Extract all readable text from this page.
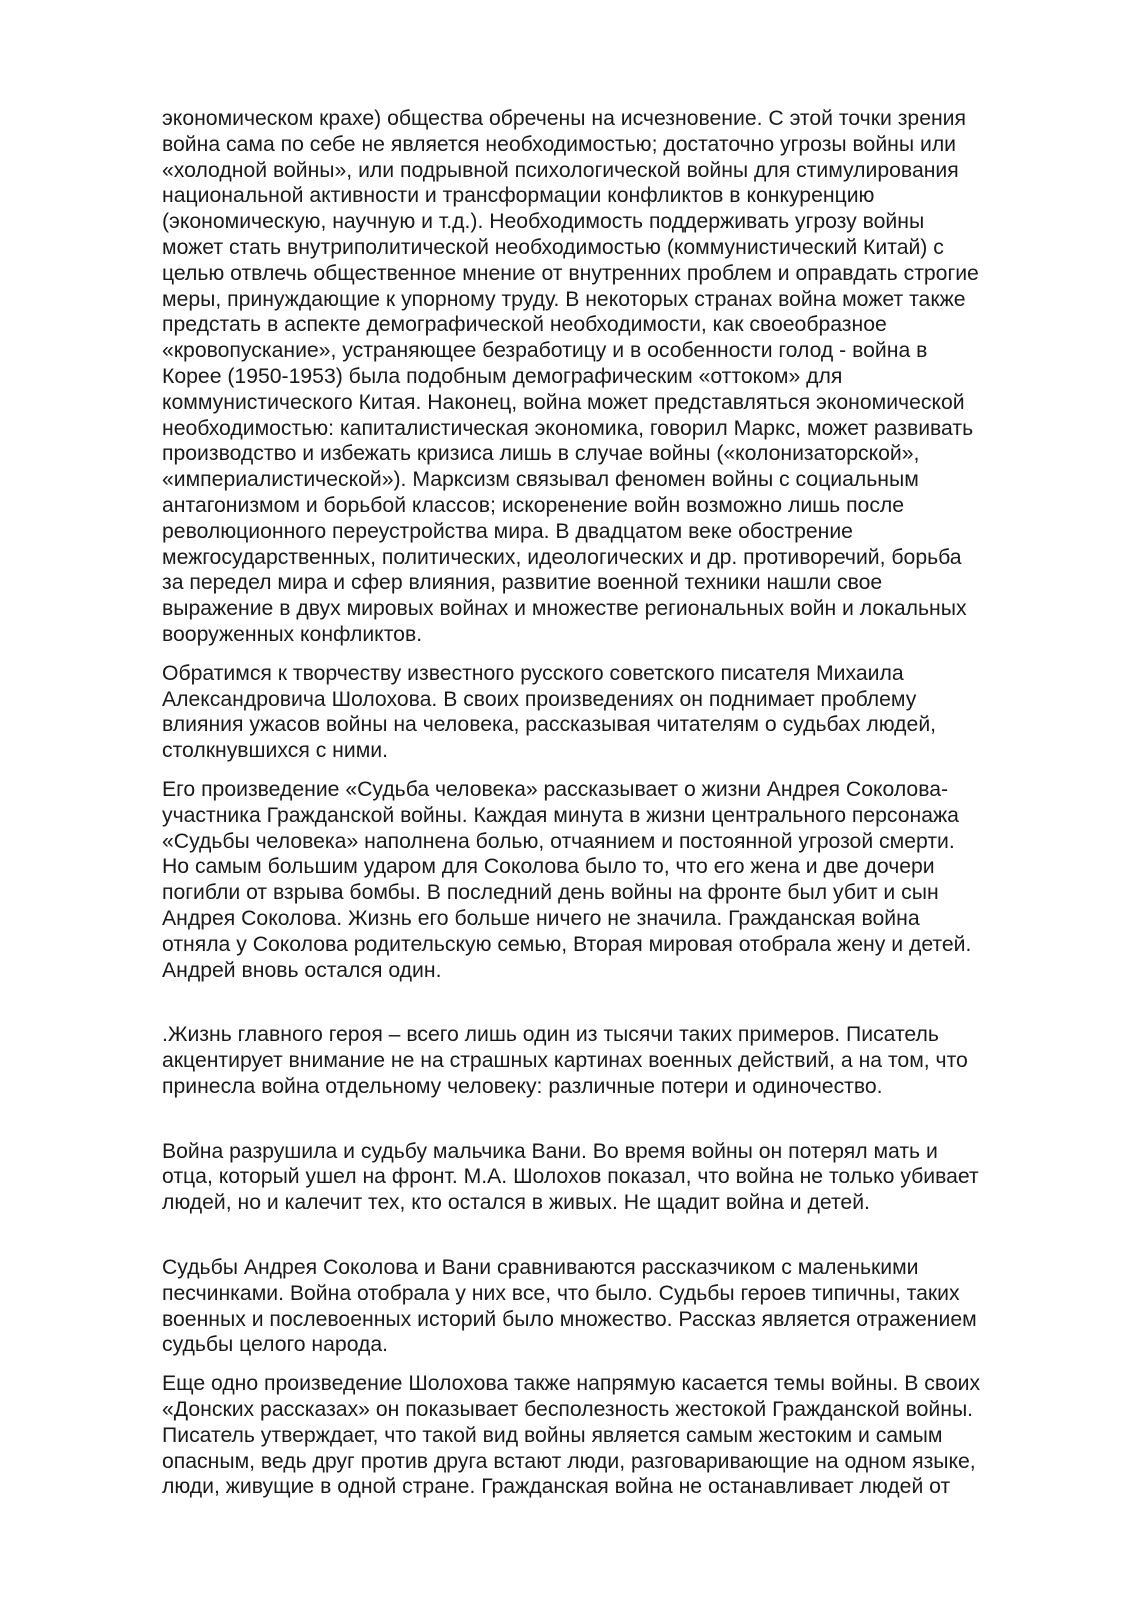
экономическом крахе) общества обречены на исчезновение. С этой точки зрения
война сама по себе не является необходимостью; достаточно угрозы войны или
«холодной войны», или подрывной психологической войны для стимулирования
национальной активности и трансформации конфликтов в конкуренцию
(экономическую, научную и т.д.). Необходимость поддерживать угрозу войны
может стать внутриполитической необходимостью (коммунистический Китай) с
целью отвлечь общественное мнение от внутренних проблем и оправдать строгие
меры, принуждающие к упорному труду. В некоторых странах война может также
предстать в аспекте демографической необходимости, как своеобразное
«кровопускание», устраняющее безработицу и в особенности голод - война в
Корее (1950-1953) была подобным демографическим «оттоком» для
коммунистического Китая. Наконец, война может представляться экономической
необходимостью: капиталистическая экономика, говорил Маркс, может развивать
производство и избежать кризиса лишь в случае войны («колонизаторской»,
«империалистической»). Марксизм связывал феномен войны с социальным
антагонизмом и борьбой классов; искоренение войн возможно лишь после
революционного переустройства мира. В двадцатом веке обострение
межгосударственных, политических, идеологических и др. противоречий, борьба
за передел мира и сфер влияния, развитие военной техники нашли свое
выражение в двух мировых войнах и множестве региональных войн и локальных
вооруженных конфликтов.

Обратимся к творчеству известного русского советского писателя Михаила
Александровича Шолохова. В своих произведениях он поднимает проблему
влияния ужасов войны на человека, рассказывая читателям о судьбах людей,
столкнувшихся с ними.

Его произведение «Судьба человека» рассказывает о жизни Андрея Соколова-
участника Гражданской войны. Каждая минута в жизни центрального персонажа
«Судьбы человека» наполнена болью, отчаянием и постоянной угрозой смерти.
Но самым большим ударом для Соколова было то, что его жена и две дочери
погибли от взрыва бомбы. В последний день войны на фронте был убит и сын
Андрея Соколова. Жизнь его больше ничего не значила. Гражданская война
отняла у Соколова родительскую семью, Вторая мировая отобрала жену и детей.
Андрей вновь остался один.

.Жизнь главного героя – всего лишь один из тысячи таких примеров. Писатель
акцентирует внимание не на страшных картинах военных действий, а на том, что
принесла война отдельному человеку: различные потери и одиночество.

Война разрушила и судьбу мальчика Вани. Во время войны он потерял мать и
отца, который ушел на фронт. М.А. Шолохов показал, что война не только убивает
людей, но и калечит тех, кто остался в живых. Не щадит война и детей.

Судьбы Андрея Соколова и Вани сравниваются рассказчиком с маленькими
песчинками. Война отобрала у них все, что было. Судьбы героев типичны, таких
военных и послевоенных историй было множество. Рассказ является отражением
судьбы целого народа.

Еще одно произведение Шолохова также напрямую касается темы войны. В своих
«Донских рассказах» он показывает бесполезность жестокой Гражданской войны.
Писатель утверждает, что такой вид войны является самым жестоким и самым
опасным, ведь друг против друга встают люди, разговаривающие на одном языке,
люди, живущие в одной стране. Гражданская война не останавливает людей от
